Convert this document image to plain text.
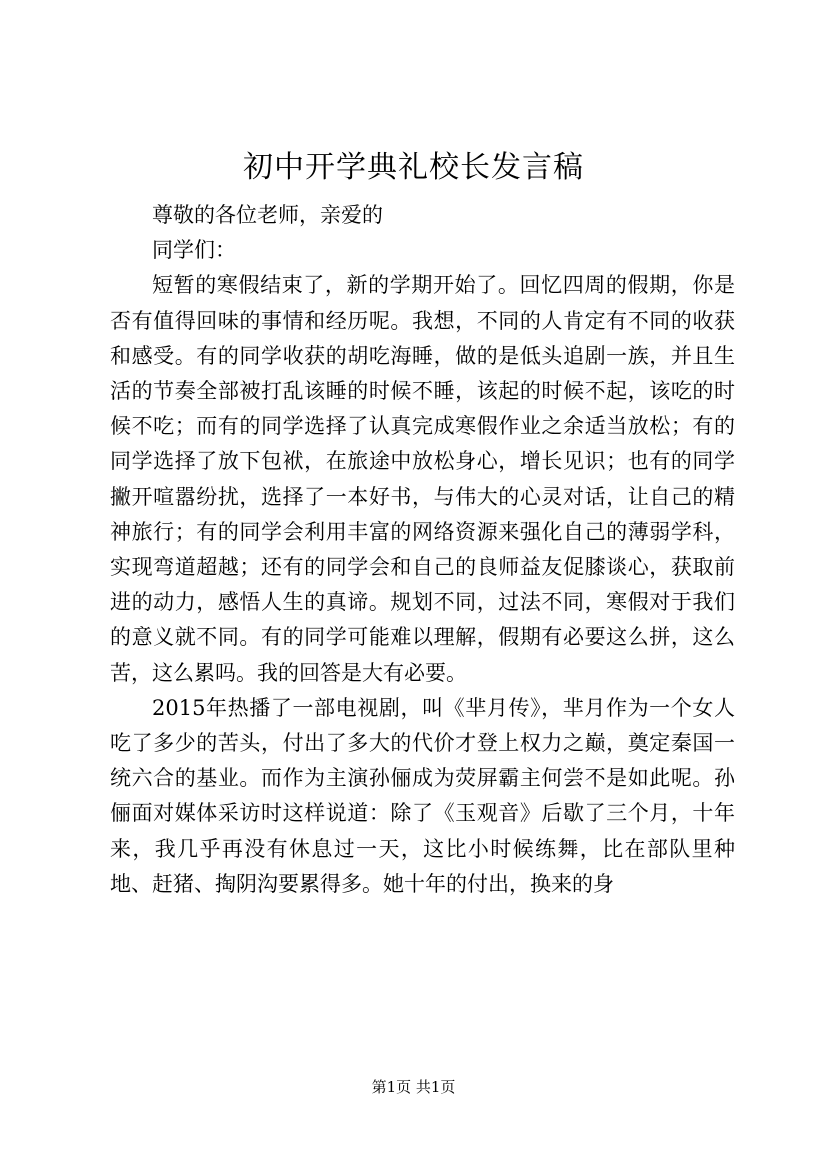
初中开学典礼校长发言稿

尊敬的各位老师，亲爱的

同学们：

短暂的寒假结束了，新的学期开始了。回忆四周的假期，你是否有值得回味的事情和经历呢。我想，不同的人肯定有不同的收获和感受。有的同学收获的胡吃海睡，做的是低头追剧一族，并且生活的节奏全部被打乱该睡的时候不睡，该起的时候不起，该吃的时候不吃；而有的同学选择了认真完成寒假作业之余适当放松；有的同学选择了放下包袱，在旅途中放松身心，增长见识；也有的同学撇开喧嚣纷扰，选择了一本好书，与伟大的心灵对话，让自己的精神旅行；有的同学会利用丰富的网络资源来强化自己的薄弱学科，实现弯道超越；还有的同学会和自己的良师益友促膝谈心，获取前进的动力，感悟人生的真谛。规划不同，过法不同，寒假对于我们的意义就不同。有的同学可能难以理解，假期有必要这么拼，这么苦，这么累吗。我的回答是大有必要。

2015年热播了一部电视剧，叫《芈月传》，芈月作为一个女人吃了多少的苦头，付出了多大的代价才登上权力之巅，奠定秦国一统六合的基业。而作为主演孙俪成为荧屏霸主何尝不是如此呢。孙俪面对媒体采访时这样说道：除了《玉观音》后歇了三个月，十年来，我几乎再没有休息过一天，这比小时候练舞，比在部队里种地、赶猪、掏阴沟要累得多。她十年的付出，换来的身

第1页 共1页
